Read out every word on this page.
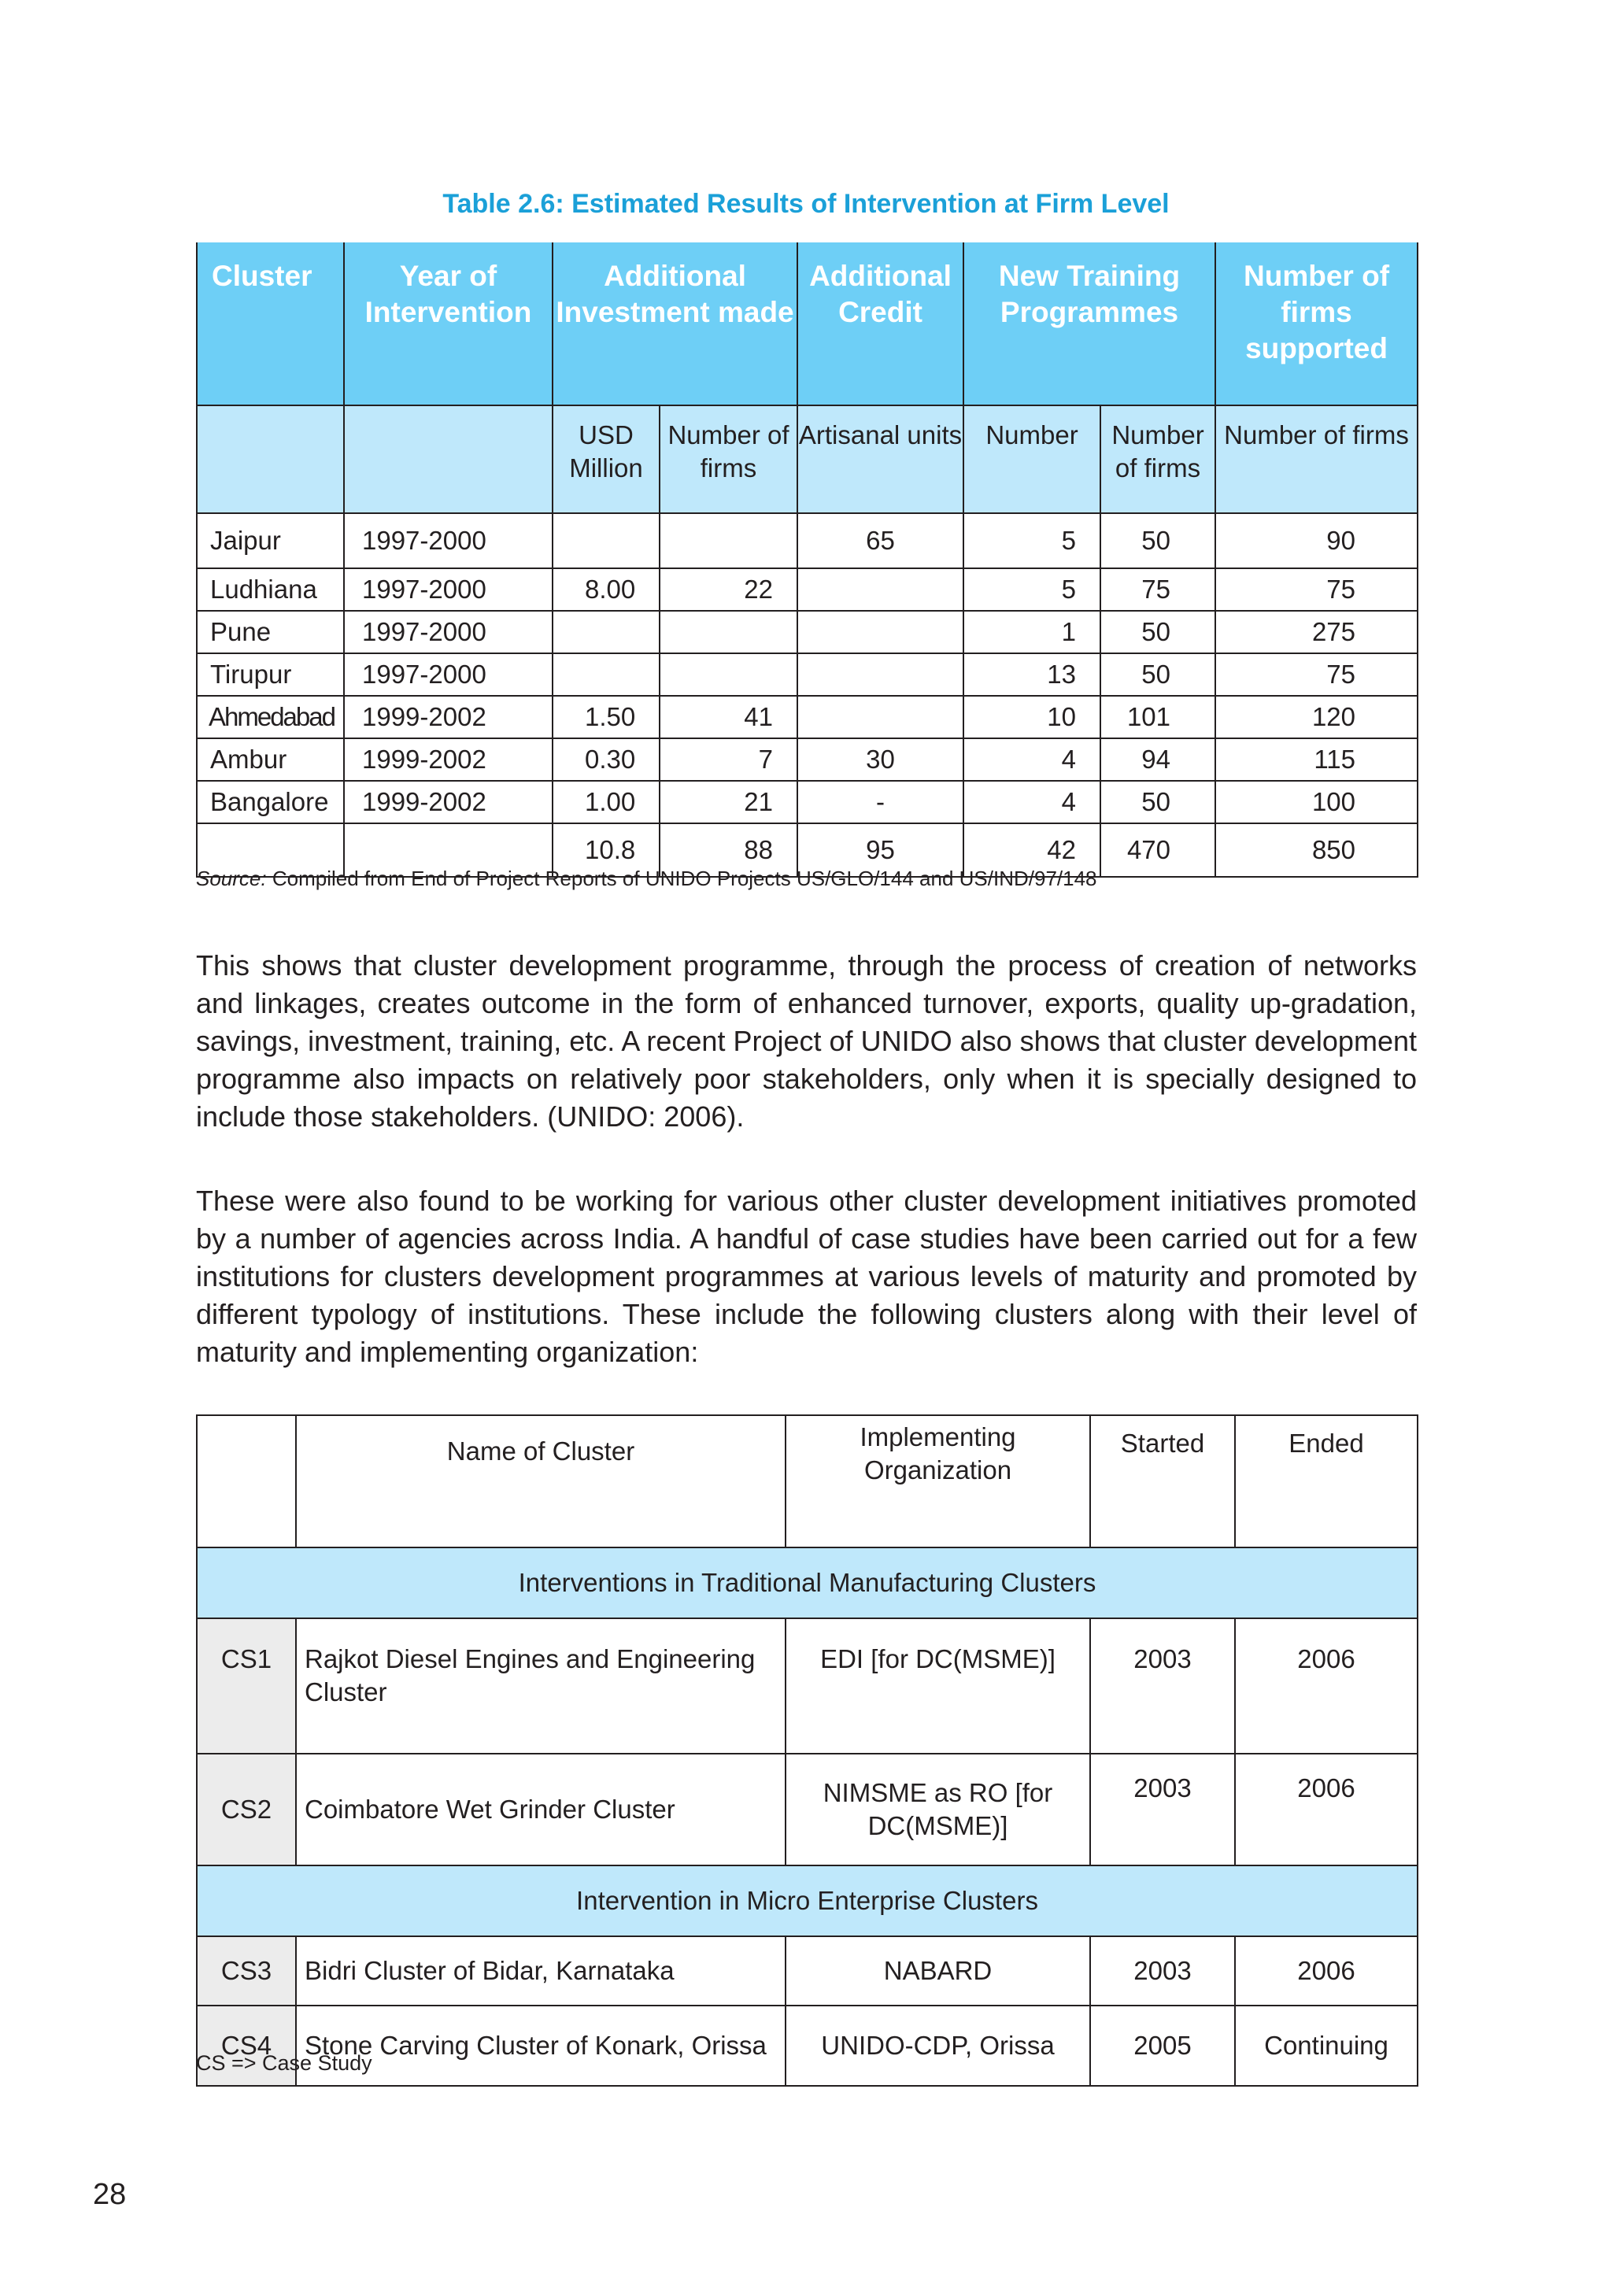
Table 2.6: Estimated Results of Intervention at Firm Level
Cluster	Year of Intervention	Additional Investment made		Additional Credit	New Training Programmes		Number of firms supported
		USD Million	Number of firms	Artisanal units	Number	Number of firms	Number of firms
Jaipur	1997-2000			65	5	50	90
Ludhiana	1997-2000	8.00	22		5	75	75
Pune	1997-2000				1	50	275
Tirupur	1997-2000				13	50	75
Ahmedabad	1999-2002	1.50	41		10	101	120
Ambur	1999-2002	0.30	7	30	4	94	115
Bangalore	1999-2002	1.00	21	-	4	50	100
		10.8	88	95	42	470	850
Source: Compiled from End of Project Reports of UNIDO Projects US/GLO/144 and US/IND/97/148

This shows that cluster development programme, through the process of creation of networks and linkages, creates outcome in the form of enhanced turnover, exports, quality up-gradation, savings, investment, training, etc. A recent Project of UNIDO also shows that cluster development programme also impacts on relatively poor stakeholders, only when it is specially designed to include those stakeholders. (UNIDO: 2006).

These were also found to be working for various other cluster development initiatives promoted by a number of agencies across India. A handful of case studies have been carried out for a few institutions for clusters development programmes at various levels of maturity and promoted by different typology of institutions. These include the following clusters along with their level of maturity and implementing organization:

	Name of Cluster	Implementing Organization	Started	Ended
Interventions in Traditional Manufacturing Clusters				
CS1	Rajkot Diesel Engines and Engineering Cluster	EDI [for DC(MSME)]	2003	2006
CS2	Coimbatore Wet Grinder Cluster	NIMSME as RO [for DC(MSME)]	2003	2006
Intervention in Micro Enterprise Clusters				
CS3	Bidri Cluster of Bidar, Karnataka	NABARD	2003	2006
CS4	Stone Carving Cluster of Konark, Orissa	UNIDO-CDP, Orissa	2005	Continuing
CS => Case Study
28
